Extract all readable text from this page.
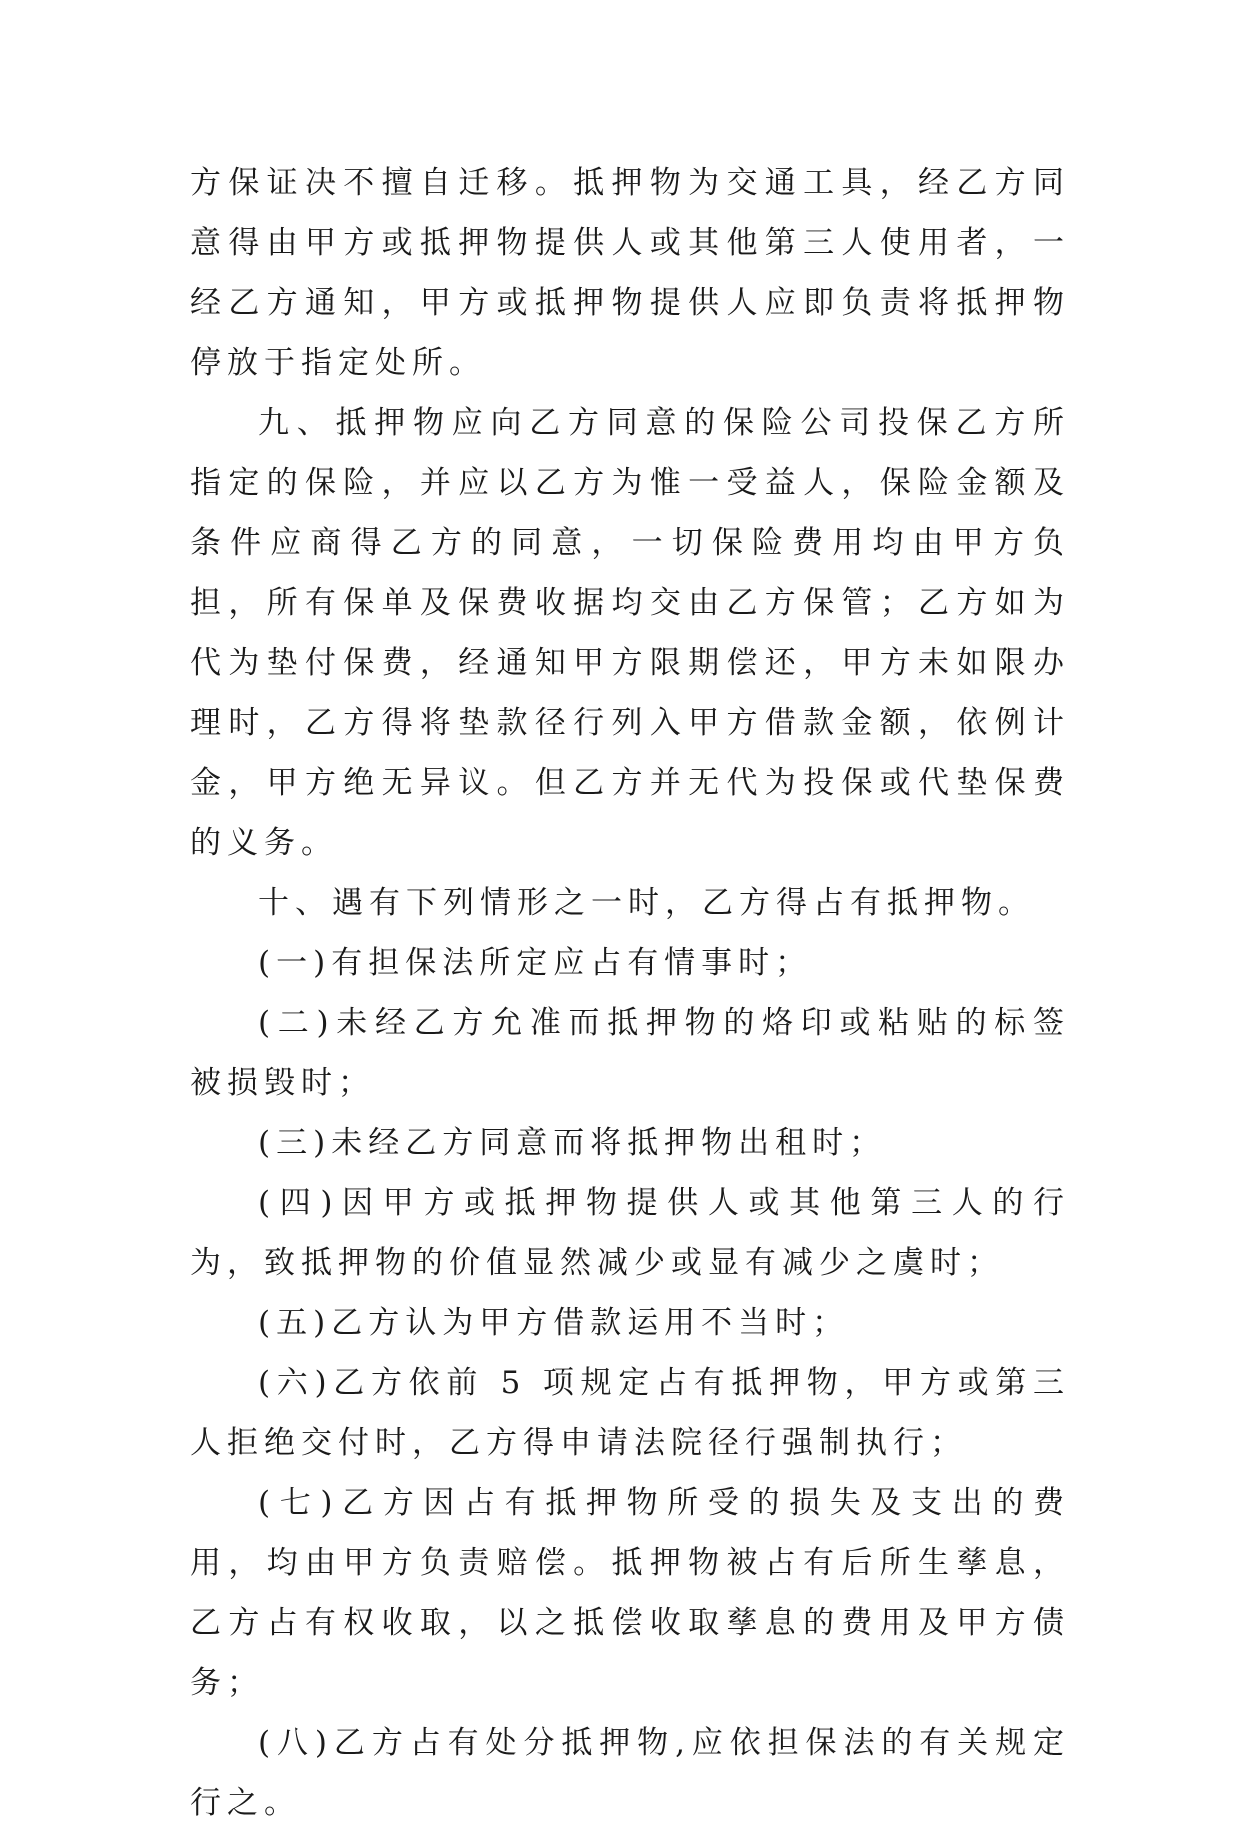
方保证决不擅自迁移。抵押物为交通工具，经乙方同意得由甲方或抵押物提供人或其他第三人使用者，一经乙方通知，甲方或抵押物提供人应即负责将抵押物停放于指定处所。

九、抵押物应向乙方同意的保险公司投保乙方所指定的保险，并应以乙方为惟一受益人，保险金额及条件应商得乙方的同意，一切保险费用均由甲方负担，所有保单及保费收据均交由乙方保管；乙方如为代为垫付保费，经通知甲方限期偿还，甲方未如限办理时，乙方得将垫款径行列入甲方借款金额，依例计金，甲方绝无异议。但乙方并无代为投保或代垫保费的义务。

十、遇有下列情形之一时，乙方得占有抵押物。

(一)有担保法所定应占有情事时；

(二)未经乙方允准而抵押物的烙印或粘贴的标签被损毁时；

(三)未经乙方同意而将抵押物出租时；

(四)因甲方或抵押物提供人或其他第三人的行为，致抵押物的价值显然减少或显有减少之虞时；

(五)乙方认为甲方借款运用不当时；

(六)乙方依前 5 项规定占有抵押物，甲方或第三人拒绝交付时，乙方得申请法院径行强制执行；

(七)乙方因占有抵押物所受的损失及支出的费用，均由甲方负责赔偿。抵押物被占有后所生孳息，乙方占有权收取，以之抵偿收取孳息的费用及甲方债务；

(八)乙方占有处分抵押物,应依担保法的有关规定行之。
